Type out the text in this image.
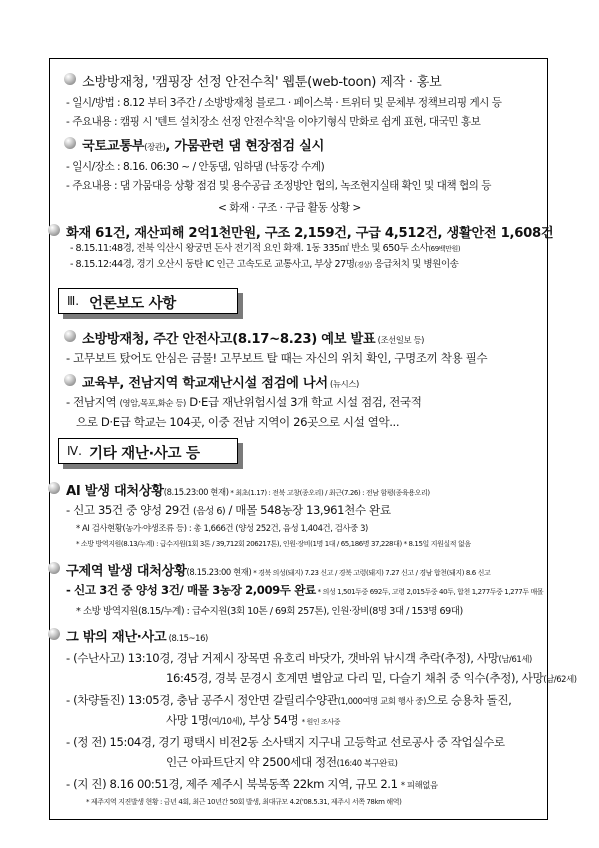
< 화재 · 구조 · 구급 활동 상황 >
Ⅲ. 언론보도 사항
Ⅳ. 기타 재난·사고 등
소방방재청, '캠핑장 선정 안전수칙' 웹툰(web-toon) 제작 · 홍보
- 일시/방법 : 8.12 부터 3주간 / 소방방재청 블로그 · 페이스북 · 트위터 및 문체부 정책브리핑 게시 등
- 주요내용 : 캠핑 시 '텐트 설치장소 선정 안전수칙'을 이야기형식 만화로 쉽게 표현, 대국민 홍보
국토교통부(장관), 가뭄관련 댐 현장점검 실시
- 일시/장소 : 8.16. 06:30 ~ / 안동댐, 임하댐 (낙동강 수계)
- 주요내용 : 댐 가뭄대응 상황 점검 및 용수공급 조정방안 협의, 녹조현지실태 확인 및 대책 협의 등
화재 61건, 재산피해 2억1천만원, 구조 2,159건, 구급 4,512건, 생활안전 1,608건
- 8.15.11:48경, 전북 익산시 왕궁면 돈사 전기적 요인 화재. 1동 335㎡ 반소 및 650두 소사(69백만원)
- 8.15.12:44경, 경기 오산시 동탄 IC 인근 고속도로 교통사고, 부상 27명(경상) 응급처치 및 병원이송
소방방재청, 주간 안전사고(8.17~8.23) 예보 발표 (조선일보 등)
- 고무보트 탔어도 안심은 금물! 고무보트 탈 때는 자신의 위치 확인, 구명조끼 착용 필수
교육부, 전남지역 학교재난시설 점검에 나서 (뉴시스)
- 전남지역 (영암,목포,화순 등) D·E급 재난위험시설 3개 학교 시설 점검, 전국적
으로 D·E급 학교는 104곳, 이중 전남 지역이 26곳으로 시설 열악...
AI 발생 대처상황(8.15.23:00 현재) * 최초(1.17) : 전북 고창(종오리) / 최근(7.26) : 전남 함평(종육용오리)
- 신고 35건 중 양성 29건 (음성 6) / 매몰 548농장 13,961천수 완료
* AI 검사현황(농가·야생조류 등) : 총 1,666건 (양성 252건, 음성 1,404건, 검사중 3)
* 소방 방역지원(8.13/누계) : 급수지원(1회 3톤 / 39,712회 206217톤), 인원·장비(1명 1대 / 65,186명 37,228대) * 8.15일 지원실적 없음
구제역 발생 대처상황(8.15.23:00 현재) * 경북 의성(돼지) 7.23 신고 / 경북 고령(돼지) 7.27 신고 / 경남 합천(돼지) 8.6 신고
- 신고 3건 중 양성 3건/ 매몰 3농장 2,009두 완료 * 의성 1,501두중 692두, 고령 2,015두중 40두, 합천 1,277두중 1,277두 매몰
* 소방 방역지원(8.15/누계) : 급수지원(3회 10톤 / 69회 257톤), 인원·장비(8명 3대 / 153명 69대)
그 밖의 재난·사고 (8.15~16)
- (수난사고) 13:10경, 경남 거제시 장목면 유호리 바닷가, 갯바위 낚시객 추락(추정), 사망(남/61세)
16:45경, 경북 문경시 호계면 별암교 다리 밑, 다슬기 채취 중 익수(추정), 사망(남/62세)
- (차량돌진) 13:05경, 충남 공주시 정안면 갈릴리수양관(1,000여명 교회 행사 중)으로 승용차 돌진,
사망 1명(여/10세), 부상 54명 * 원인 조사중
- (정 전) 15:04경, 경기 평택시 비전2동 소사택지 지구내 고등학교 선로공사 중 작업실수로
인근 아파트단지 약 2500세대 정전(16:40 복구완료)
- (지 진) 8.16 00:51경, 제주 제주시 북북동쪽 22km 지역, 규모 2.1 * 피해없음
* 제주지역 지진발생 현황 : 금년 4회, 최근 10년간 50회 발생, 최대규모 4.2('08.5.31, 제주시 서쪽 78km 해역)
